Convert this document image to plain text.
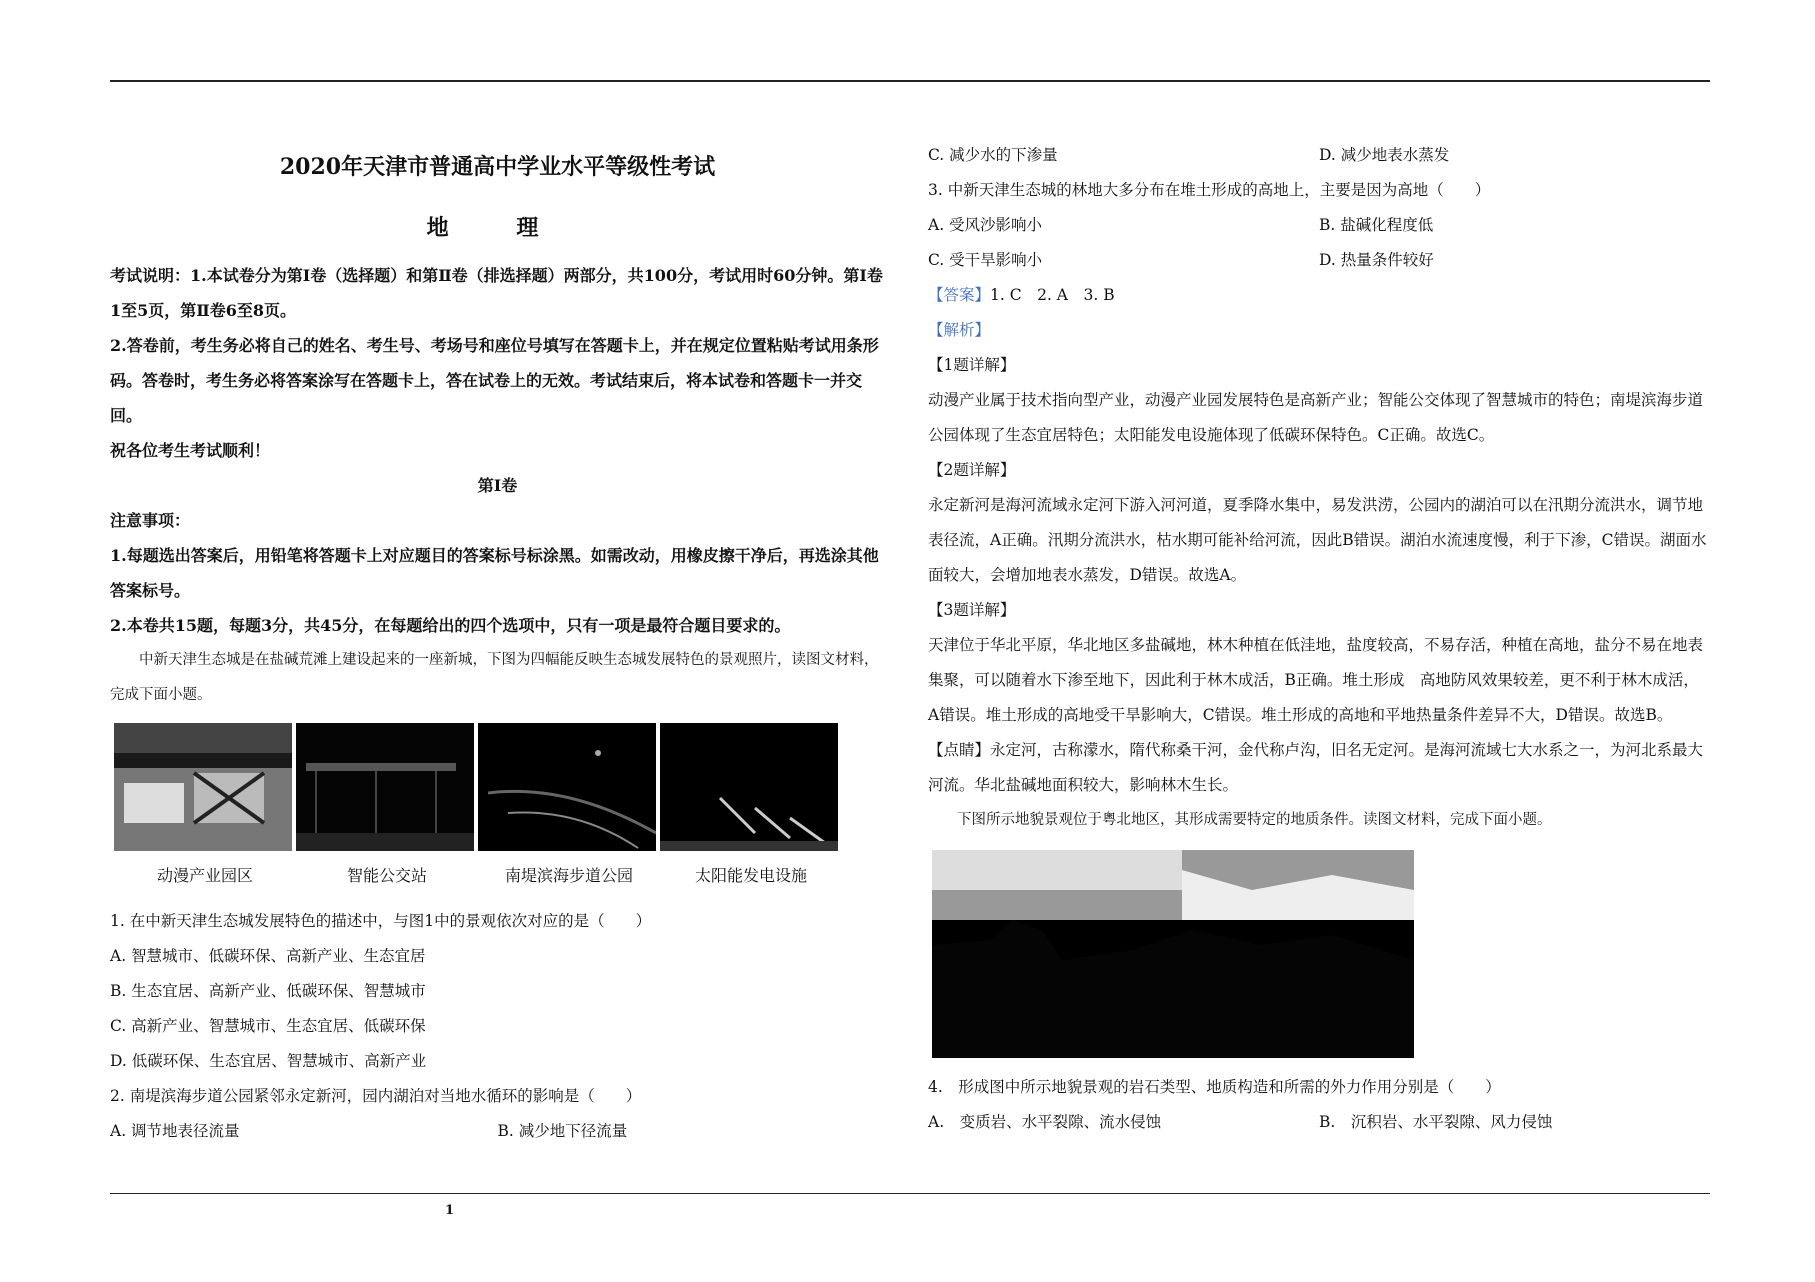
2020年天津市普通高中学业水平等级性考试
地 理
考试说明：1.本试卷分为第Ⅰ卷（选择题）和第Ⅱ卷（排选择题）两部分，共100分，考试用时60分钟。第Ⅰ卷1至5页，第Ⅱ卷6至8页。
2.答卷前，考生务必将自己的姓名、考生号、考场号和座位号填写在答题卡上，并在规定位置粘贴考试用条形码。答卷时，考生务必将答案涂写在答题卡上，答在试卷上的无效。考试结束后，将本试卷和答题卡一并交回。
祝各位考生考试顺利！
第Ⅰ卷
注意事项：
1.每题选出答案后，用铅笔将答题卡上对应题目的答案标号标涂黑。如需改动，用橡皮擦干净后，再选涂其他答案标号。
2.本卷共15题，每题3分，共45分，在每题给出的四个选项中，只有一项是最符合题目要求的。

中新天津生态城是在盐碱荒滩上建设起来的一座新城，下图为四幅能反映生态城发展特色的景观照片，读图文材料，完成下面小题。

动漫产业园区	智能公交站	南堤滨海步道公园	太阳能发电设施

1. 在中新天津生态城发展特色的描述中，与图1中的景观依次对应的是（　　）

A. 智慧城市、低碳环保、高新产业、生态宜居

B. 生态宜居、高新产业、低碳环保、智慧城市

C. 高新产业、智慧城市、生态宜居、低碳环保

D. 低碳环保、生态宜居、智慧城市、高新产业

2. 南堤滨海步道公园紧邻永定新河，园内湖泊对当地水循环的影响是（　　）

A. 调节地表径流量	B. 减少地下径流量

C. 减少水的下渗量	D. 减少地表水蒸发

3. 中新天津生态城的林地大多分布在堆土形成的高地上，主要是因为高地（　　）

A. 受风沙影响小	B. 盐碱化程度低

C. 受干旱影响小	D. 热量条件较好

【答案】1. C　2. A　3. B

【解析】

【1题详解】

动漫产业属于技术指向型产业，动漫产业园发展特色是高新产业；智能公交体现了智慧城市的特色；南堤滨海步道公园体现了生态宜居特色；太阳能发电设施体现了低碳环保特色。C正确。故选C。

【2题详解】

永定新河是海河流域永定河下游入河河道，夏季降水集中，易发洪涝，公园内的湖泊可以在汛期分流洪水，调节地表径流，A正确。汛期分流洪水，枯水期可能补给河流，因此B错误。湖泊水流速度慢，利于下渗，C错误。湖面水面较大，会增加地表水蒸发，D错误。故选A。

【3题详解】

天津位于华北平原，华北地区多盐碱地，林木种植在低洼地，盐度较高，不易存活，种植在高地，盐分不易在地表集聚，可以随着水下渗至地下，因此利于林木成活，B正确。堆土形成　高地防风效果较差，更不利于林木成活，A错误。堆土形成的高地受干旱影响大，C错误。堆土形成的高地和平地热量条件差异不大，D错误。故选B。

【点睛】永定河，古称濛水，隋代称桑干河，金代称卢沟，旧名无定河。是海河流域七大水系之一，为河北系最大河流。华北盐碱地面积较大，影响林木生长。

下图所示地貌景观位于粤北地区，其形成需要特定的地质条件。读图文材料，完成下面小题。

4.　形成图中所示地貌景观的岩石类型、地质构造和所需的外力作用分别是（　　）

A.　变质岩、水平裂隙、流水侵蚀	B.　沉积岩、水平裂隙、风力侵蚀

1
